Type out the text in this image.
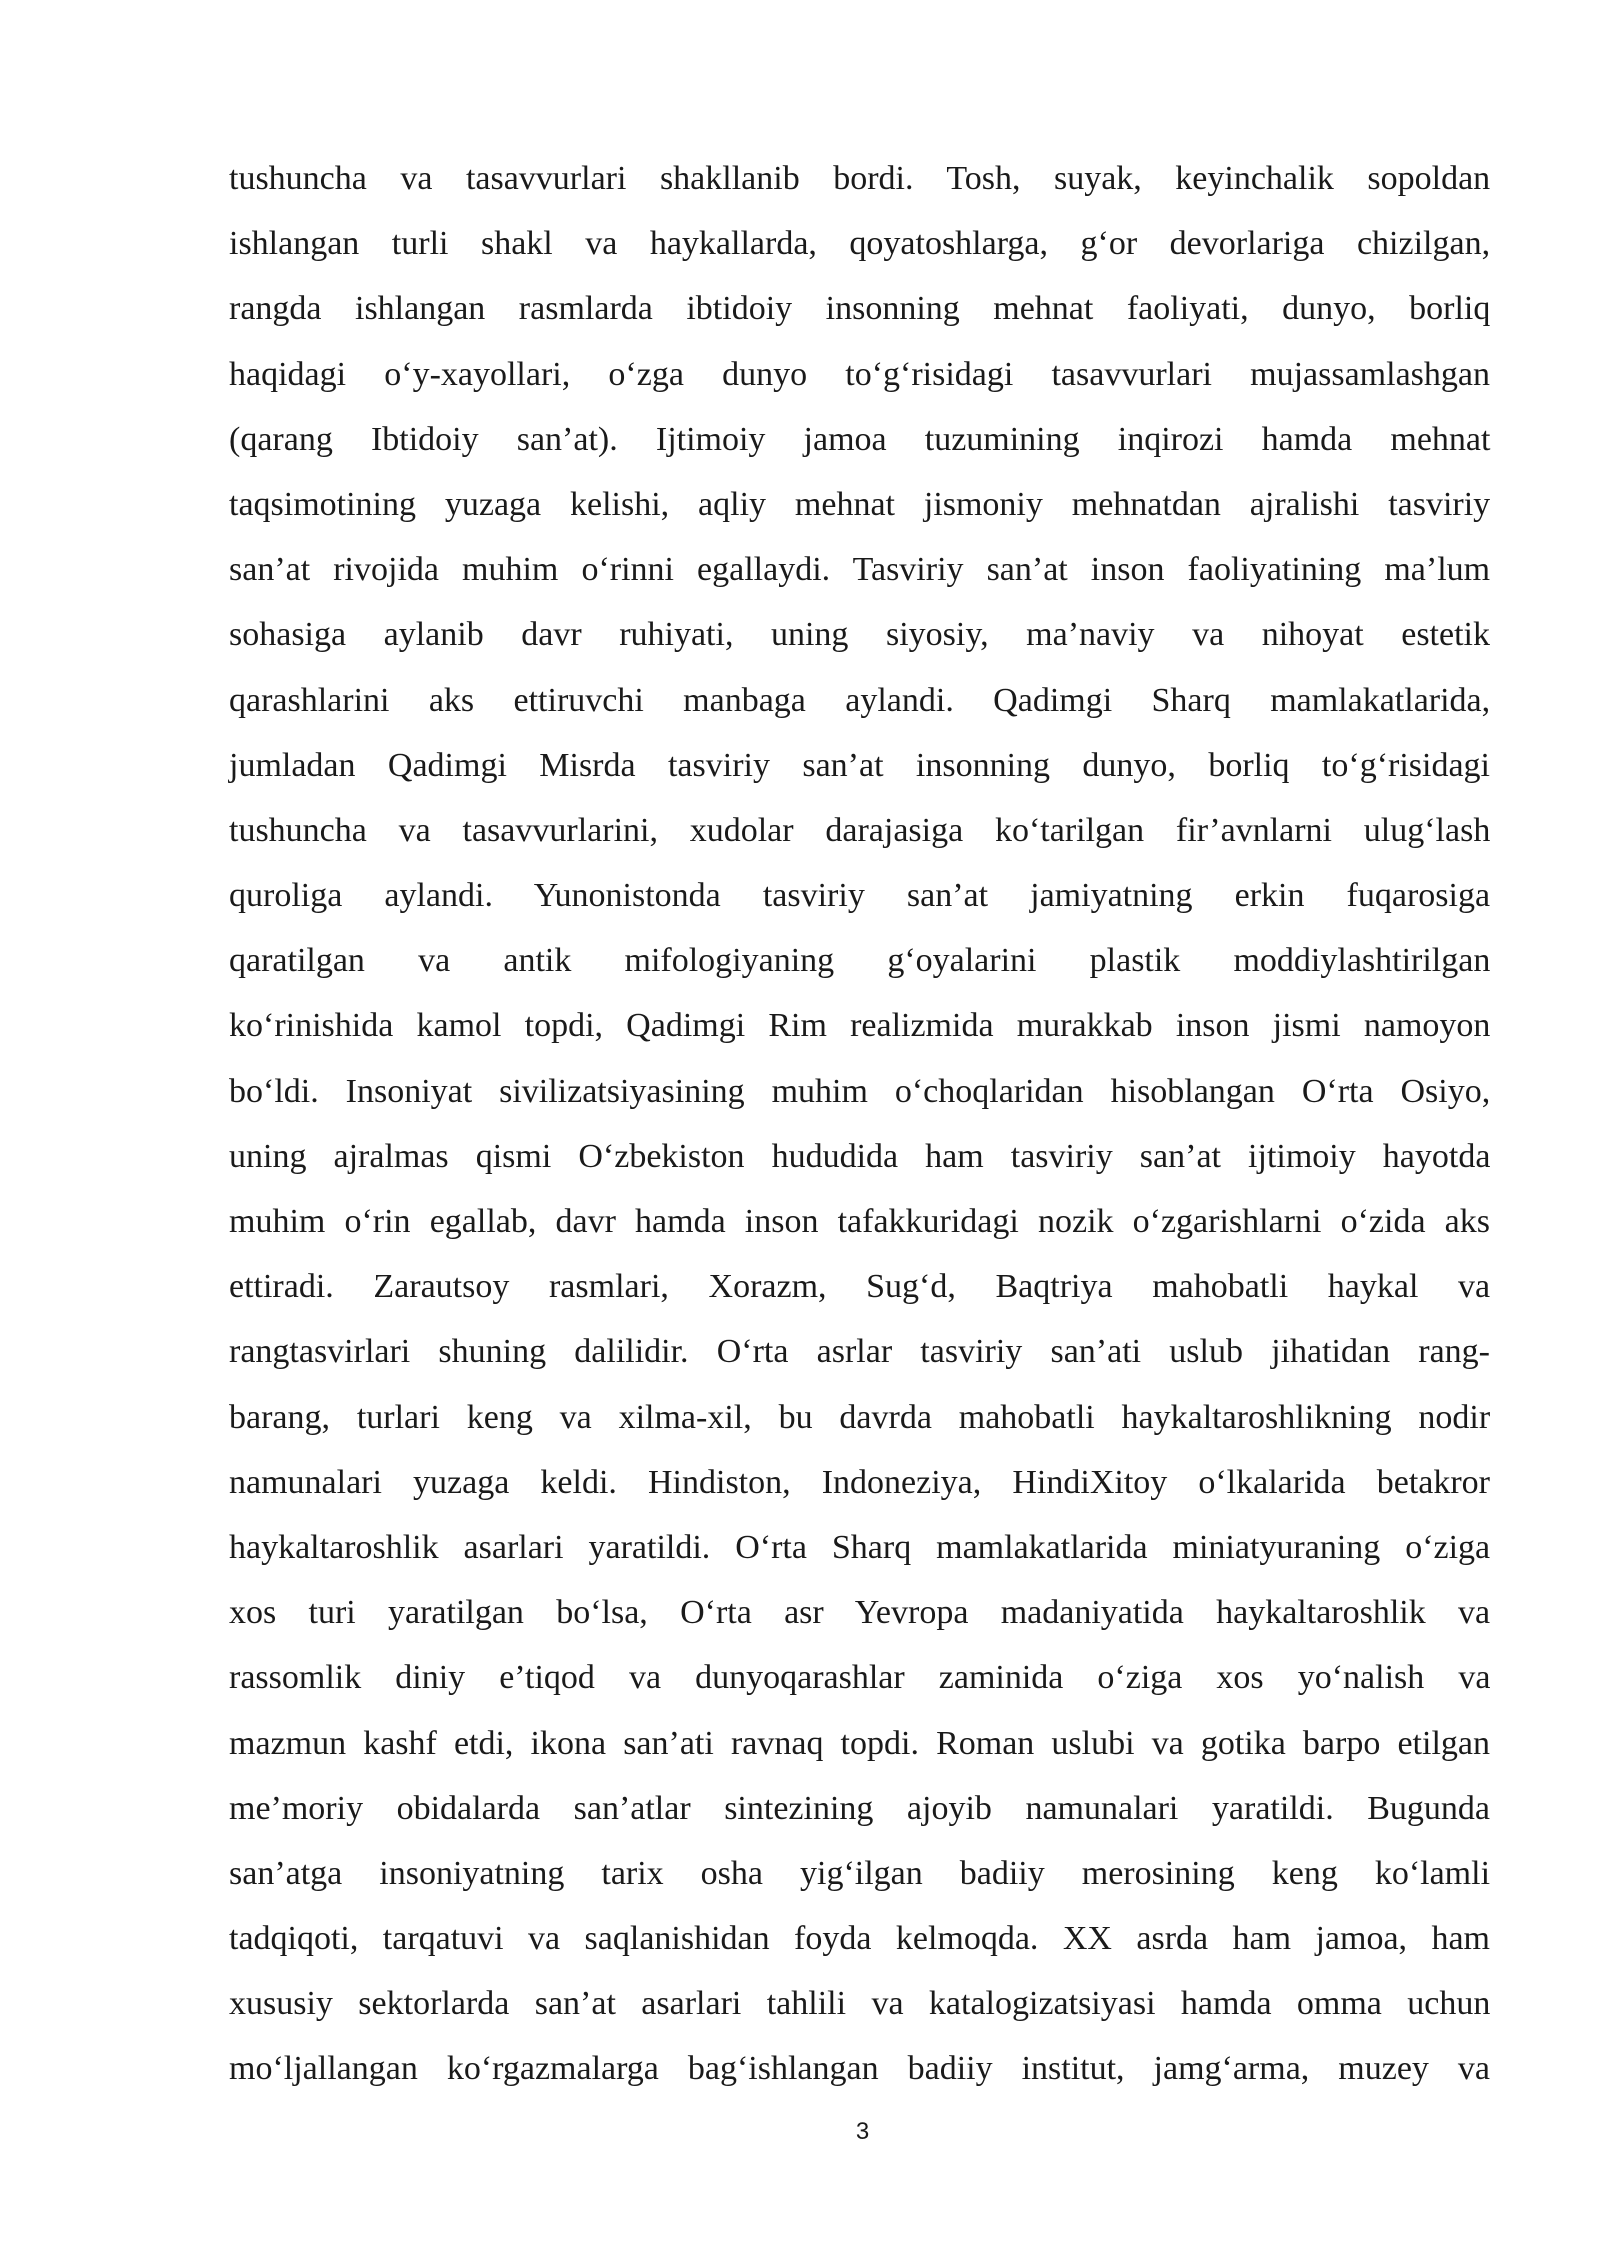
tushuncha va tasavvurlari shakllanib bordi. Tosh, suyak, keyinchalik sopoldan
ishlangan turli shakl va haykallarda, qoyatoshlarga, g‘or devorlariga chizilgan,
rangda ishlangan rasmlarda ibtidoiy insonning mehnat faoliyati, dunyo, borliq
haqidagi o‘y-xayollari, o‘zga dunyo to‘g‘risidagi tasavvurlari mujassamlashgan
(qarang Ibtidoiy san’at). Ijtimoiy jamoa tuzumining inqirozi hamda mehnat
taqsimotining yuzaga kelishi, aqliy mehnat jismoniy mehnatdan ajralishi tasviriy
san’at rivojida muhim o‘rinni egallaydi. Tasviriy san’at inson faoliyatining ma’lum
sohasiga aylanib davr ruhiyati, uning siyosiy, ma’naviy va nihoyat estetik
qarashlarini aks ettiruvchi manbaga aylandi. Qadimgi Sharq mamlakatlarida,
jumladan Qadimgi Misrda tasviriy san’at insonning dunyo, borliq to‘g‘risidagi
tushuncha va tasavvurlarini, xudolar darajasiga ko‘tarilgan fir’avnlarni ulug‘lash
quroliga aylandi. Yunonistonda tasviriy san’at jamiyatning erkin fuqarosiga
qaratilgan va antik mifologiyaning g‘oyalarini plastik moddiylashtirilgan
ko‘rinishida kamol topdi, Qadimgi Rim realizmida murakkab inson jismi namoyon
bo‘ldi. Insoniyat sivilizatsiyasining muhim o‘choqlaridan hisoblangan O‘rta Osiyo,
uning ajralmas qismi O‘zbekiston hududida ham tasviriy san’at ijtimoiy hayotda
muhim o‘rin egallab, davr hamda inson tafakkuridagi nozik o‘zgarishlarni o‘zida aks
ettiradi. Zarautsoy rasmlari, Xorazm, Sug‘d, Baqtriya mahobatli haykal va
rangtasvirlari shuning dalilidir. O‘rta asrlar tasviriy san’ati uslub jihatidan rang-
barang, turlari keng va xilma-xil, bu davrda mahobatli haykaltaroshlikning nodir
namunalari yuzaga keldi. Hindiston, Indoneziya, HindiXitoy o‘lkalarida betakror
haykaltaroshlik asarlari yaratildi. O‘rta Sharq mamlakatlarida miniatyuraning o‘ziga
xos turi yaratilgan bo‘lsa, O‘rta asr Yevropa madaniyatida haykaltaroshlik va
rassomlik diniy e’tiqod va dunyoqarashlar zaminida o‘ziga xos yo‘nalish va
mazmun kashf etdi, ikona san’ati ravnaq topdi. Roman uslubi va gotika barpo etilgan
me’moriy obidalarda san’atlar sintezining ajoyib namunalari yaratildi. Bugunda
san’atga insoniyatning tarix osha yig‘ilgan badiiy merosining keng ko‘lamli
tadqiqoti, tarqatuvi va saqlanishidan foyda kelmoqda. XX asrda ham jamoa, ham
xususiy sektorlarda san’at asarlari tahlili va katalogizatsiyasi hamda omma uchun
mo‘ljallangan ko‘rgazmalarga bag‘ishlangan badiiy institut, jamg‘arma, muzey va
3
